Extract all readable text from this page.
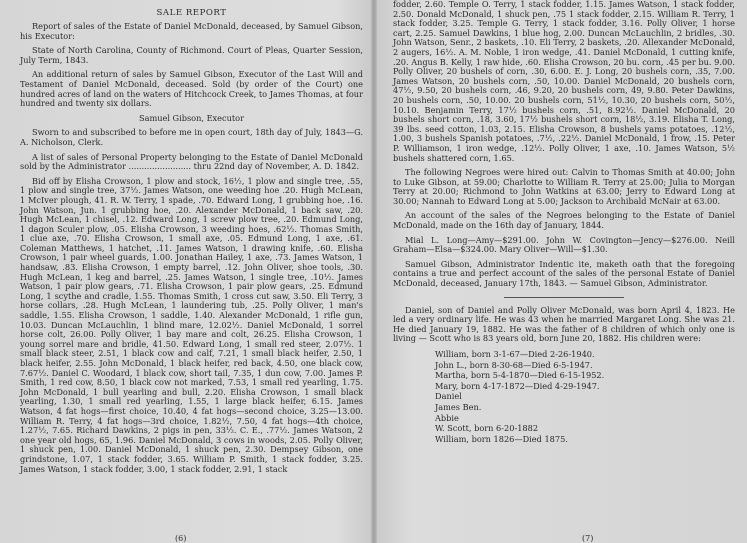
SALE REPORT

Report of sales of the Estate of Daniel McDonald, deceased, by Samuel Gibson, his Executor:

State of North Carolina, County of Richmond. Court of Pleas, Quarter Session, July Term, 1843.

An additional return of sales by Samuel Gibson, Executor of the Last Will and Testament of Daniel McDonald, deceased. Sold (by order of the Court) one hundred acres of land on the waters of Hitchcock Creek, to James Thomas, at four hundred and twenty six dollars.

Samuel Gibson, Executor

Sworn to and subscribed to before me in open court, 18th day of July, 1843—G. A. Nicholson, Clerk.

A list of sales of Personal Property belonging to the Estate of Daniel McDonald sold by the Administrator ........................ thru 22nd day of November, A. D. 1842.

Bid off by Elisha Crowson, 1 plow and stock, 16½, 1 plow and single tree, .55, 1 plow and single tree, 37½. James Watson, one weeding hoe .20. Hugh McLean, 1 McIver plough, 41. R. W. Terry, 1 spade, .70. Edward Long, 1 grubbing hoe, .16. John Watson, Jun. 1 grubbing hoe, .20. Alexander McDonald, 1 back saw, .20. Hugh McLean, 1 chisel, .12. Edward Long, 1 screw plow tree, .20. Edmund Long, 1 dagon Sculer plow, .05. Elisha Crowson, 3 weeding hoes, .62½. Thomas Smith, 1 clue axe, .70. Elisha Crowson, 1 small axe, .05. Edmund Long, 1 axe, .61. Coleman Matthews, 1 hatchet, .11. James Watson, 1 drawing knife, .60. Elisha Crowson, 1 pair wheel guards, 1.00. Jonathan Hailey, 1 axe, .73. James Watson, 1 handsaw, .83. Elisha Crowson, 1 empty barrel, .12. John Oliver, shoe tools, .30. Hugh McLean, 1 keg and barrel, .25. James Watson, 1 single tree, .10½. James Watson, 1 pair plow gears, .71. Elisha Crowson, 1 pair plow gears, .25. Edmund Long, 1 scythe and cradle, 1.55. Thomas Smith, 1 cross cut saw, 3.50. Eli Terry, 3 horse collars, .28. Hugh McLean, 1 laundering tub, .25. Polly Oliver, 1 man's saddle, 1.55. Elisha Crowson, 1 saddle, 1.40. Alexander McDonald, 1 rifle gun, 10.03. Duncan McLauchlin, 1 blind mare, 12.02½. Daniel McDonald, 1 sorrel horse colt, 26.00. Polly Oliver, 1 bay mare and colt, 26.25. Elisha Crowson, 1 young sorrel mare and bridle, 41.50. Edward Long, 1 small red steer, 2.07½. 1 small black steer, 2.51, 1 black cow and calf, 7.21, 1 small black heifer, 2.50, 1 black heifer, 2.55. John McDonald, 1 black heifer, red back, 4.50, one black cow, 7.67½. Daniel C. Woodard, 1 black cow, short tail, 7.35, 1 dun cow, 7.00. James P. Smith, 1 red cow, 8.50, 1 black cow not marked, 7.53, 1 small red yearling, 1.75. John McDonald, 1 bull yearling and bull, 2.20. Elisha Crowson, 1 small black yearling, 1.30, 1 small red yearling, 1.55, 1 large black heifer, 6.15. James Watson, 4 fat hogs—first choice, 10.40, 4 fat hogs—second choice, 3.25—13.00. William R. Terry, 4 fat hogs—3rd choice, 1.82½, 7.50, 4 fat hogs—4th choice, 1.27½, 7.65. Richard Dawkins, 2 pigs in pen, 33½. C. E., .77½. James Watson, 2 one year old hogs, 65, 1.96. Daniel McDonald, 3 cows in woods, 2.05. Polly Oliver, 1 shuck pen, 1.00. Daniel McDonald, 1 shuck pen, 2.30. Dempsey Gibson, one grindstone, 1.07, 1 stack fodder, 3.65. William P. Smith, 1 stack fodder, 3.25. James Watson, 1 stack fodder, 3.00, 1 stack fodder, 2.91, 1 stack

(6)

fodder, 2.60. Temple O. Terry, 1 stack fodder, 1.15. James Watson, 1 stack fodder, 2.50. Donald McDonald, 1 shuck pen, .75 1 stack fodder, 2.15. William R. Terry, 1 stack fodder, 3.25. Temple G. Terry, 1 stack fodder, 3.16. Polly Oliver, 1 horse cart, 2.25. Samuel Dawkins, 1 blue hog, 2.00. Duncan McLauchlin, 2 bridles, .30. John Watson, Senr., 2 baskets, .10. Eli Terry, 2 baskets, .20. Allexander McDonald, 2 augers, 16½. A. M. Noble, 1 iron wedge, .41. Daniel McDonald, 1 cutting knife, .20. Angus B. Kelly, 1 raw hide, .60. Elisha Crowson, 20 bu. corn, .45 per bu. 9.00. Polly Oliver, 20 bushels of corn, .30, 6.00. E. J. Long, 20 bushels corn, .35, 7.00. James Watson, 20 bushels corn, .50, 10.00. Daniel McDonald, 20 bushels corn, 47½, 9.50, 20 bushels corn, .46, 9.20, 20 bushels corn, 49, 9.80. Peter Dawkins, 20 bushels corn, .50, 10.00. 20 bushels corn, 51½, 10.30, 20 bushels corn, 50½, 10.10. Benjamin Terry, 17½ bushels corn, .51, 8.92½. Daniel McDonald, 20 bushels short corn, .18, 3.60, 17½ bushels short corn, 18½, 3.19. Elisha T. Long, 39 lbs. seed cotton, 1.03, 2.15. Elisha Crowson, 8 bushels yams potatoes, .12½, 1.00, 3 bushels Spanish potatoes, .7½, .22½. Daniel McDonald, 1 frow, .15. Peter P. Williamson, 1 iron wedge, .12½. Polly Oliver, 1 axe, .10. James Watson, 5½ bushels shattered corn, 1.65.

The following Negroes were hired out: Calvin to Thomas Smith at 40.00; John to Luke Gibson, at 59.00; Charlotte to William R. Terry at 25.00; Julia to Morgan Terry at 20.00; Richmond to John Watkins at 63.00; Jerry to Edward Long at 30.00; Nannah to Edward Long at 5.00; Jackson to Archibald McNair at 63.00.

An account of the sales of the Negroes belonging to the Estate of Daniel McDonald, made on the 16th day of January, 1844.

Mial L. Long—Amy—$291.00. John W. Covington—Jency—$276.00. Neill Graham—Elsa—$324.00. Mary Oliver—Will—$1.30.

Samuel Gibson, Administrator Indentic ite, maketh oath that the foregoing contains a true and perfect account of the sales of the personal Estate of Daniel McDonald, deceased, January 17th, 1843. — Samuel Gibson, Administrator.

Daniel, son of Daniel and Polly Oliver McDonald, was born April 4, 1823. He led a very ordinary life. He was 43 when he married Margaret Long. She was 21. He died January 19, 1882. He was the father of 8 children of which only one is living — Scott who is 83 years old, born June 20, 1882. His children were:

William, born 3-1-67—Died 2-26-1940.
John L., born 8-30-68—Died 6-5-1947.
Martha, born 5-4-1870—Died 6-15-1952.
Mary, born 4-17-1872—Died 4-29-1947.
Daniel
James Ben.
Abbie
W. Scott, born 6-20-1882
William, born 1826—Died 1875.
(7)
